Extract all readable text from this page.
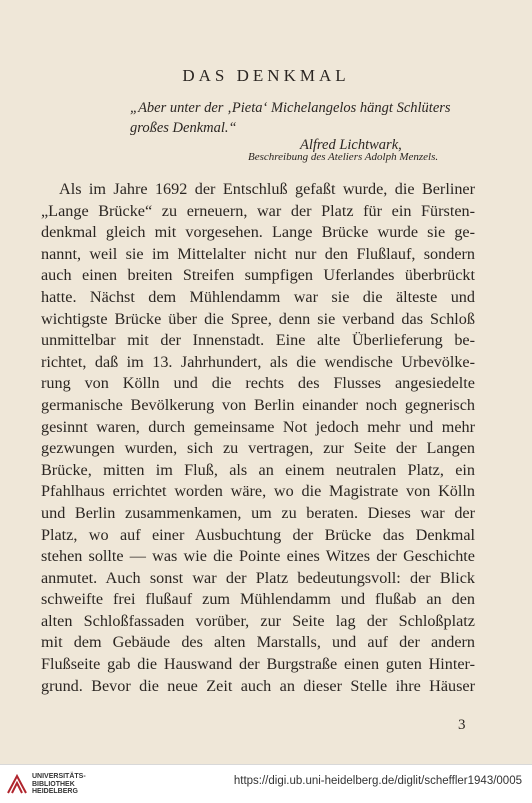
DAS DENKMAL
„Aber unter der ‚Pieta‘ Michelangelos hängt Schlüters
großes Denkmal.“
Alfred Lichtwark,
Beschreibung des Ateliers Adolph Menzels.
Als im Jahre 1692 der Entschluß gefaßt wurde, die Berliner
„Lange Brücke“ zu erneuern, war der Platz für ein Fürsten-
denkmal gleich mit vorgesehen. Lange Brücke wurde sie ge-
nannt, weil sie im Mittelalter nicht nur den Flußlauf, sondern
auch einen breiten Streifen sumpfigen Uferlandes überbrückt
hatte. Nächst dem Mühlendamm war sie die älteste und
wichtigste Brücke über die Spree, denn sie verband das Schloß
unmittelbar mit der Innenstadt. Eine alte Überlieferung be-
richtet, daß im 13. Jahrhundert, als die wendische Urbevölke-
rung von Kölln und die rechts des Flusses angesiedelte
germanische Bevölkerung von Berlin einander noch gegnerisch
gesinnt waren, durch gemeinsame Not jedoch mehr und mehr
gezwungen wurden, sich zu vertragen, zur Seite der Langen
Brücke, mitten im Fluß, als an einem neutralen Platz, ein
Pfahlhaus errichtet worden wäre, wo die Magistrate von Kölln
und Berlin zusammenkamen, um zu beraten. Dieses war der
Platz, wo auf einer Ausbuchtung der Brücke das Denkmal
stehen sollte — was wie die Pointe eines Witzes der Geschichte
anmutet. Auch sonst war der Platz bedeutungsvoll: der Blick
schweifte frei flußauf zum Mühlendamm und flußab an den
alten Schloßfassaden vorüber, zur Seite lag der Schloßplatz
mit dem Gebäude des alten Marstalls, und auf der andern
Flußseite gab die Hauswand der Burgstraße einen guten Hinter-
grund. Bevor die neue Zeit auch an dieser Stelle ihre Häuser
3
UNIVERSITÄTS-
BIBLIOTHEK
HEIDELBERG
https://digi.ub.uni-heidelberg.de/diglit/scheffler1943/0005
